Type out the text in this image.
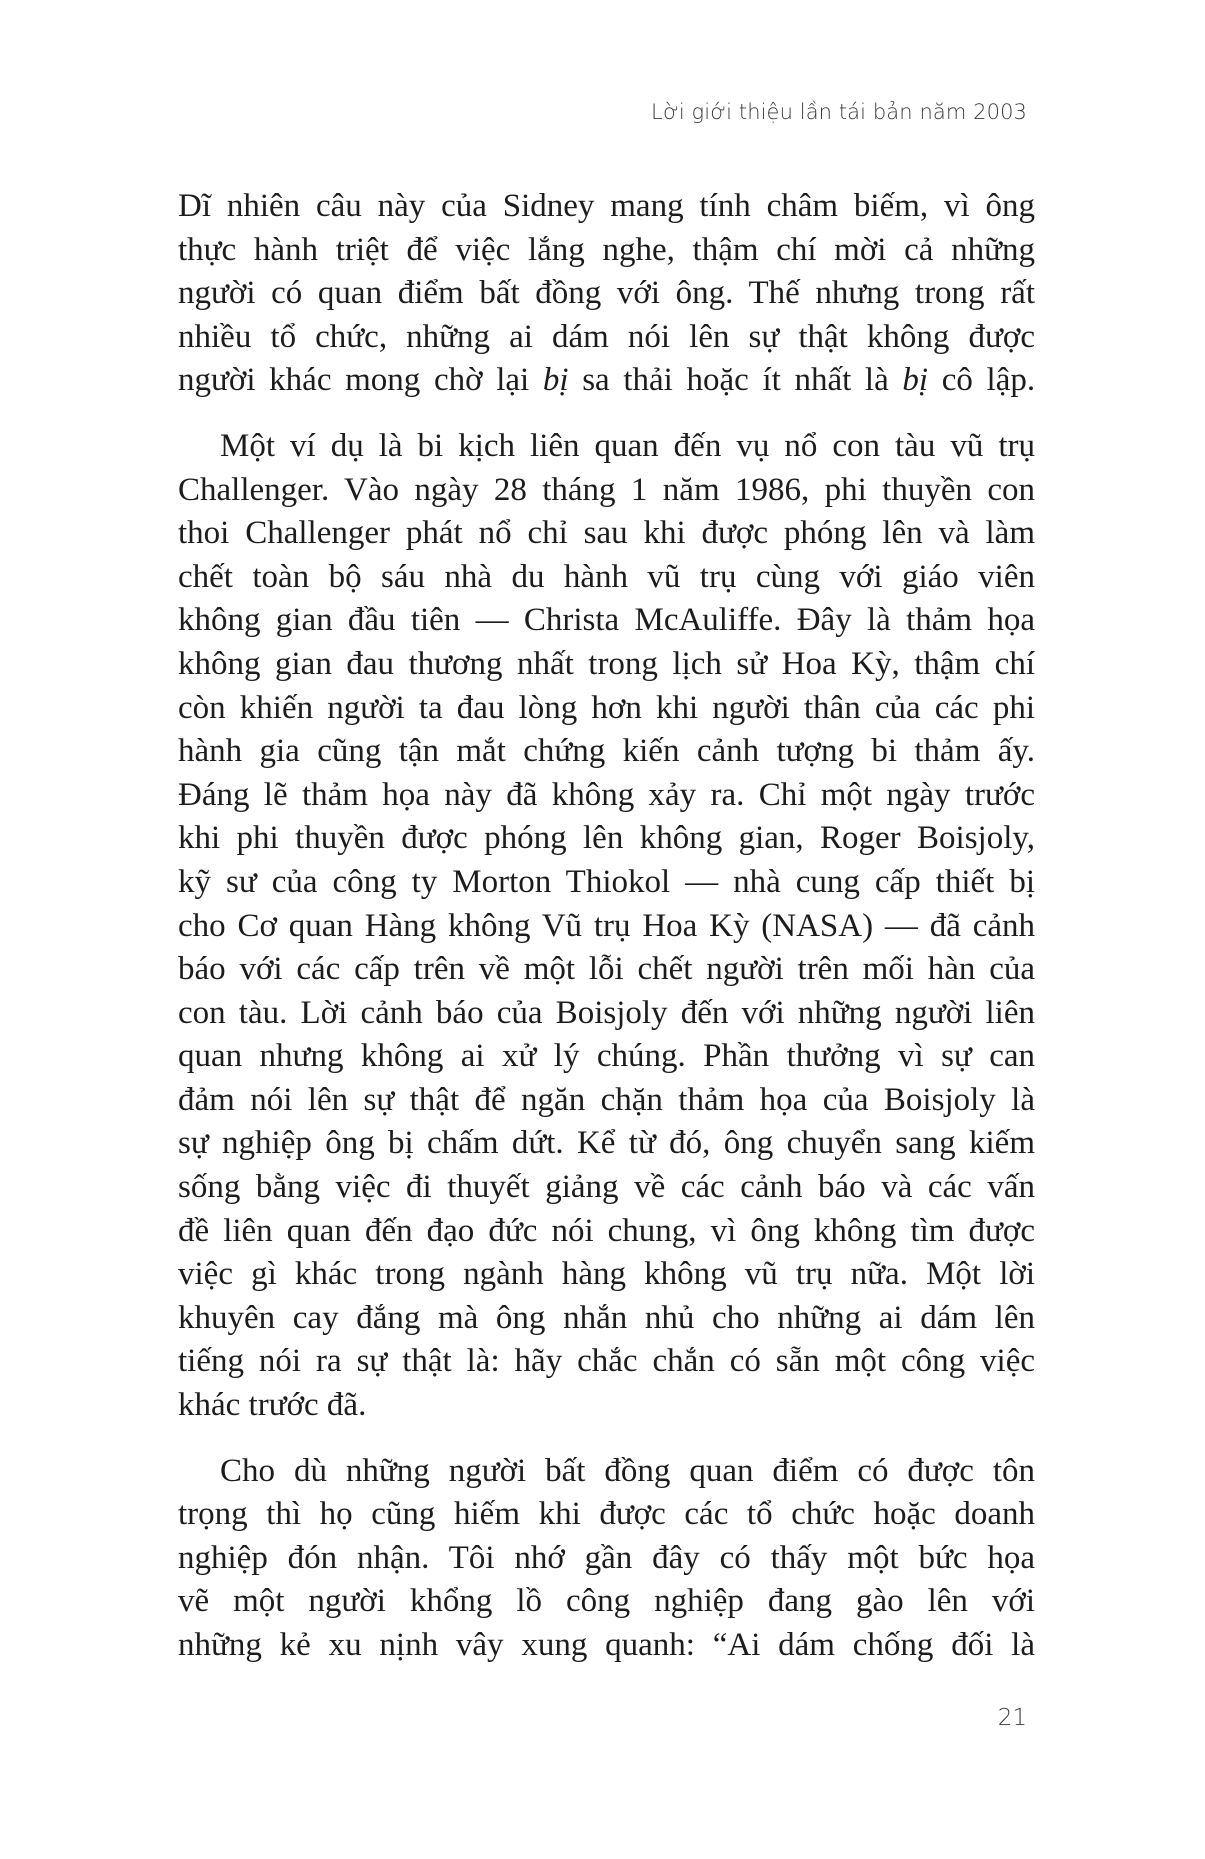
Lời giới thiệu lần tái bản năm 2003

Dĩ nhiên câu này của Sidney mang tính châm biếm, vì ông
thực hành triệt để việc lắng nghe, thậm chí mời cả những
người có quan điểm bất đồng với ông. Thế nhưng trong rất
nhiều tổ chức, những ai dám nói lên sự thật không được
người khác mong chờ lại bị sa thải hoặc ít nhất là bị cô lập.

Một ví dụ là bi kịch liên quan đến vụ nổ con tàu vũ trụ
Challenger. Vào ngày 28 tháng 1 năm 1986, phi thuyền con
thoi Challenger phát nổ chỉ sau khi được phóng lên và làm
chết toàn bộ sáu nhà du hành vũ trụ cùng với giáo viên
không gian đầu tiên — Christa McAuliffe. Đây là thảm họa
không gian đau thương nhất trong lịch sử Hoa Kỳ, thậm chí
còn khiến người ta đau lòng hơn khi người thân của các phi
hành gia cũng tận mắt chứng kiến cảnh tượng bi thảm ấy.
Đáng lẽ thảm họa này đã không xảy ra. Chỉ một ngày trước
khi phi thuyền được phóng lên không gian, Roger Boisjoly,
kỹ sư của công ty Morton Thiokol — nhà cung cấp thiết bị
cho Cơ quan Hàng không Vũ trụ Hoa Kỳ (NASA) — đã cảnh
báo với các cấp trên về một lỗi chết người trên mối hàn của
con tàu. Lời cảnh báo của Boisjoly đến với những người liên
quan nhưng không ai xử lý chúng. Phần thưởng vì sự can
đảm nói lên sự thật để ngăn chặn thảm họa của Boisjoly là
sự nghiệp ông bị chấm dứt. Kể từ đó, ông chuyển sang kiếm
sống bằng việc đi thuyết giảng về các cảnh báo và các vấn
đề liên quan đến đạo đức nói chung, vì ông không tìm được
việc gì khác trong ngành hàng không vũ trụ nữa. Một lời
khuyên cay đắng mà ông nhắn nhủ cho những ai dám lên
tiếng nói ra sự thật là: hãy chắc chắn có sẵn một công việc
khác trước đã.

Cho dù những người bất đồng quan điểm có được tôn
trọng thì họ cũng hiếm khi được các tổ chức hoặc doanh
nghiệp đón nhận. Tôi nhớ gần đây có thấy một bức họa
vẽ một người khổng lồ công nghiệp đang gào lên với
những kẻ xu nịnh vây xung quanh: “Ai dám chống đối là

21
